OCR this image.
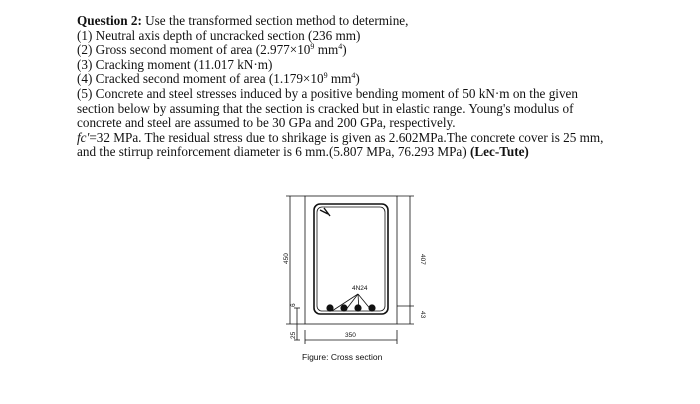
Question 2: Use the transformed section method to determine,
(1) Neutral axis depth of uncracked section (236 mm)
(2) Gross second moment of area ($2.977\times 10^9$ $mm^4$)
(3) Cracking moment (11.017 kN·m)
(4) Cracked second moment of area ($1.179\times 10^9$ $mm^4$)
(5) Concrete and steel stresses induced by a positive bending moment of 50 kN·m on the given
section below by assuming that the section is cracked but in elastic range. Young's modulus of
concrete and steel are assumed to be 30 GPa and 200 GPa, respectively.
fc'=32 MPa. The residual stress due to shrikage is given as 2.602MPa.The concrete cover is 25 mm,
and the stirrup reinforcement diameter is 6 mm.(5.807 MPa, 76.293 MPa) (Lec-Tute)
450	407
43
25
6
350
4N24
Figure: Cross section
